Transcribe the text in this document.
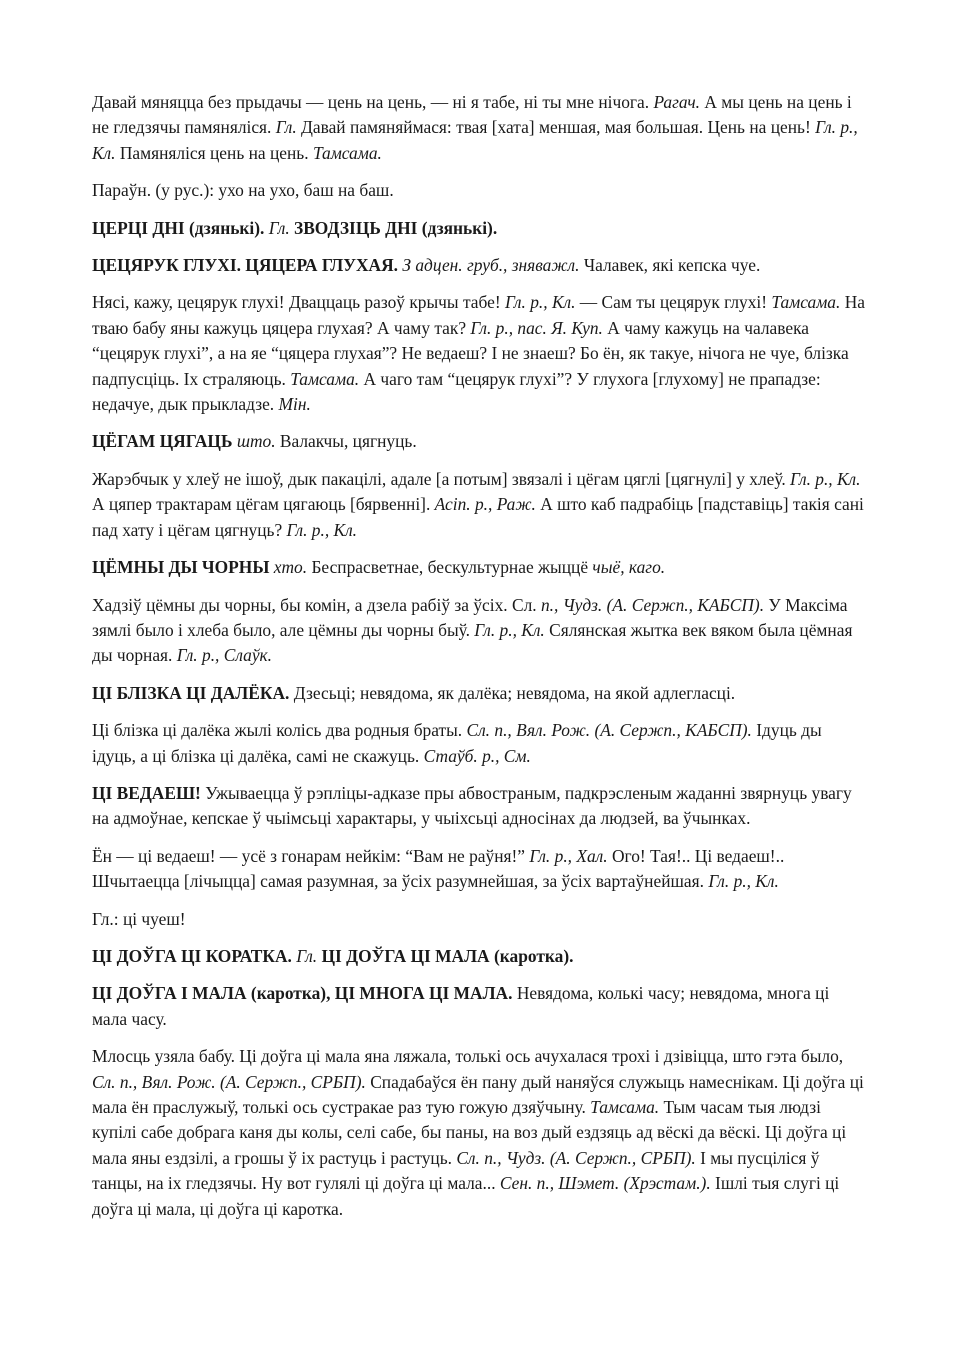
Давай мяняцца без прыдачы — цень на цень, — ні я табе, ні ты мне нічога. Рагач. А мы цень на цень і не гледзячы памяняліся. Гл. Давай памяняймася: твая [хата] меншая, мая большая. Цень на цень! Гл. р., Кл. Памяняліся цень на цень. Тамсама.

Параўн. (у рус.): ухо на ухо, баш на баш.

ЦЕРЦІ ДНІ (дзянькі). Гл. ЗВОДЗІЦЬ ДНІ (дзянькі).

ЦЕЦЯРУК ГЛУХІ. ЦЯЦЕРА ГЛУХАЯ. З адцен. груб., зняважл. Чалавек, які кепска чуе.

Нясі, кажу, цецярук глухі! Дваццаць разоў крычы табе! Гл. р., Кл. — Сам ты цецярук глухі! Тамсама. На тваю бабу яны кажуць цяцера глухая? А чаму так? Гл. р., пас. Я. Куп. А чаму кажуць на чалавека “цецярук глухі”, а на яе “цяцера глухая”? Не ведаеш? І не знаеш? Бо ён, як такуе, нічога не чуе, блізка падпусціць. Іх страляюць. Тамсама. А чаго там “цецярук глухі”? У глухога [глухому] не прападзе: недачуе, дык прыкладзе. Мін.

ЦЁГАМ ЦЯГАЦЬ што. Валакчы, цягнуць.

Жарэбчык у хлеў не ішоў, дык пакацілі, адале [а потым] звязалі і цёгам цяглі [цягнулі] у хлеў. Гл. р., Кл. А цяпер трактарам цёгам цягаюць [бярвенні]. Асіп. р., Раж. А што каб падрабіць [падставіць] такія сані пад хату і цёгам цягнуць? Гл. р., Кл.

ЦЁМНЫ ДЫ ЧОРНЫ хто. Беспрасветнае, бескультурнае жыццё чыё, каго.

Хадзіў цёмны ды чорны, бы комін, а дзела рабіў за ўсіх. Сл. п., Чудз. (А. Сержп., КАБСП). У Максіма зямлі было і хлеба было, але цёмны ды чорны быў. Гл. р., Кл. Сялянская жытка век вяком была цёмная ды чорная. Гл. р., Слаўк.

ЦІ БЛІЗКА ЦІ ДАЛЁКА. Дзесьці; невядома, як далёка; невядома, на якой адлегласці.

Ці блізка ці далёка жылі колісь два родныя браты. Сл. п., Вял. Рож. (А. Сержп., КАБСП). Ідуць ды ідуць, а ці блізка ці далёка, самі не скажуць. Стаўб. р., См.

ЦІ ВЕДАЕШ! Ужываецца ў рэпліцы-адказе пры абвостраным, падкрэсленым жаданні звярнуць увагу на адмоўнае, кепскае ў чыімсьці характары, у чыіхсьці адносінах да людзей, ва ўчынках.

Ён — ці ведаеш! — усё з гонарам нейкім: “Вам не раўня!” Гл. р., Хал. Ого! Тая!.. Ці ведаеш!.. Шчытаецца [лічыцца] самая разумная, за ўсіх разумнейшая, за ўсіх вартаўнейшая. Гл. р., Кл.

Гл.: ці чуеш!

ЦІ ДОЎГА ЦІ КОРАТКА. Гл. ЦІ ДОЎГА ЦІ МАЛА (каротка).

ЦІ ДОЎГА І МАЛА (каротка), ЦІ МНОГА ЦІ МАЛА. Невядома, колькі часу; невядома, многа ці мала часу.

Млосць узяла бабу. Ці доўга ці мала яна ляжала, толькі ось ачухалася трохі і дзівіцца, што гэта было, Сл. п., Вял. Рож. (А. Сержп., СРБП). Спадабаўся ён пану дый наняўся служыць намеснікам. Ці доўга ці мала ён праслужыў, толькі ось сустракае раз тую гожую дзяўчыну. Тамсама. Тым часам тыя людзі купілі сабе добрага каня ды колы, селі сабе, бы паны, на воз дый ездзяць ад вёскі да вёскі. Ці доўга ці мала яны ездзілі, а грошы ў іх растуць і растуць. Сл. п., Чудз. (А. Сержп., СРБП). І мы пусціліся ў танцы, на іх гледзячы. Ну вот гулялі ці доўга ці мала... Сен. п., Шэмет. (Хрэстам.). Ішлі тыя слугі ці доўга ці мала, ці доўга ці каротка.
